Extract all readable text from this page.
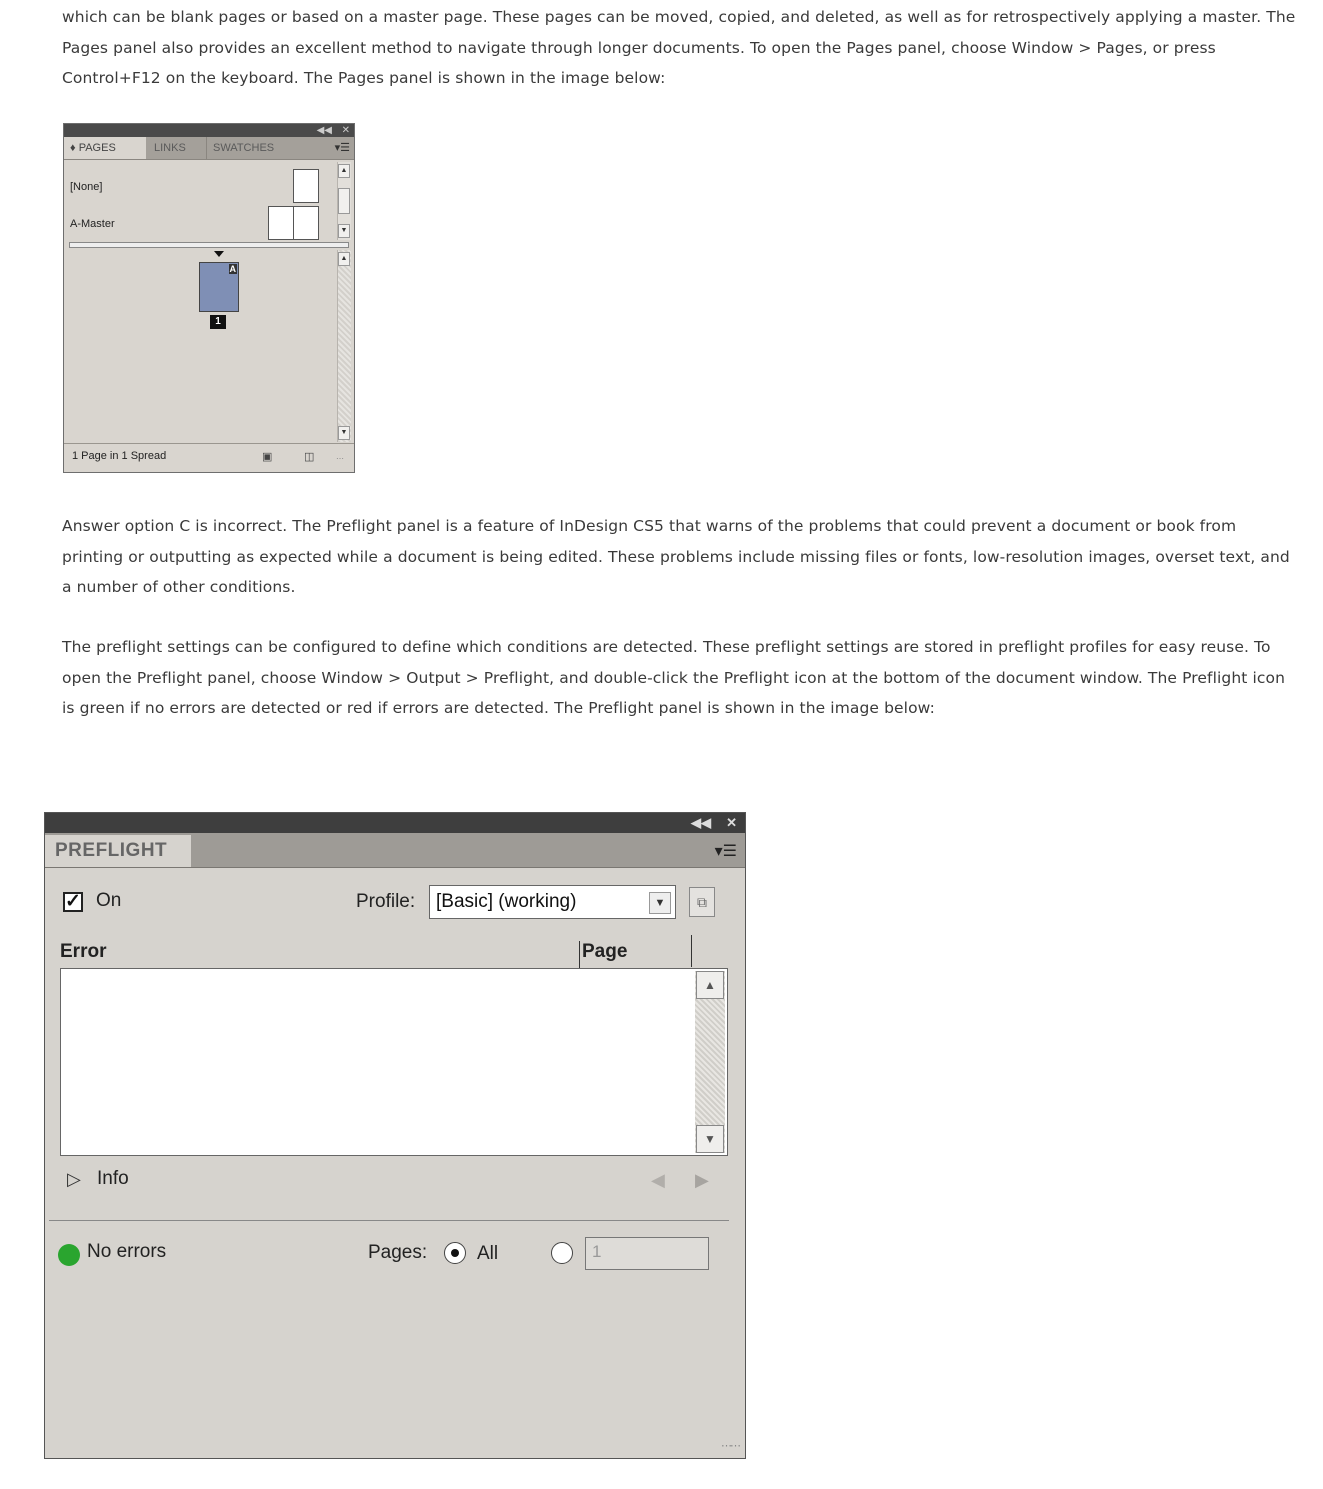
which can be blank pages or based on a master page. These pages can be moved, copied, and deleted, as well as for retrospectively applying a master. The Pages panel also provides an excellent method to navigate through longer documents. To open the Pages panel, choose Window > Pages, or press Control+F12 on the keyboard. The Pages panel is shown in the image below:
◀◀ ✕
♦ PAGES	LINKS	SWATCHES	▾☰
[None]
A-Master
▲
▼
A
1
▲
▼
1 Page in 1 Spread	▣	◫	⋯
Answer option C is incorrect. The Preflight panel is a feature of InDesign CS5 that warns of the problems that could prevent a document or book from printing or outputting as expected while a document is being edited. These problems include missing files or fonts, low-resolution images, overset text, and a number of other conditions.
The preflight settings can be configured to define which conditions are detected. These preflight settings are stored in preflight profiles for easy reuse. To open the Preflight panel, choose Window > Output > Preflight, and double-click the Preflight icon at the bottom of the document window. The Preflight icon is green if no errors are detected or red if errors are detected. The Preflight panel is shown in the image below:
◀◀ ✕
PREFLIGHT	▾☰
✓ On	Profile: [Basic] (working)	▼	⧉
Error	Page
▲
▼
▷ Info	◀ ▶
No errors	Pages:	All	1
⋯⋯
